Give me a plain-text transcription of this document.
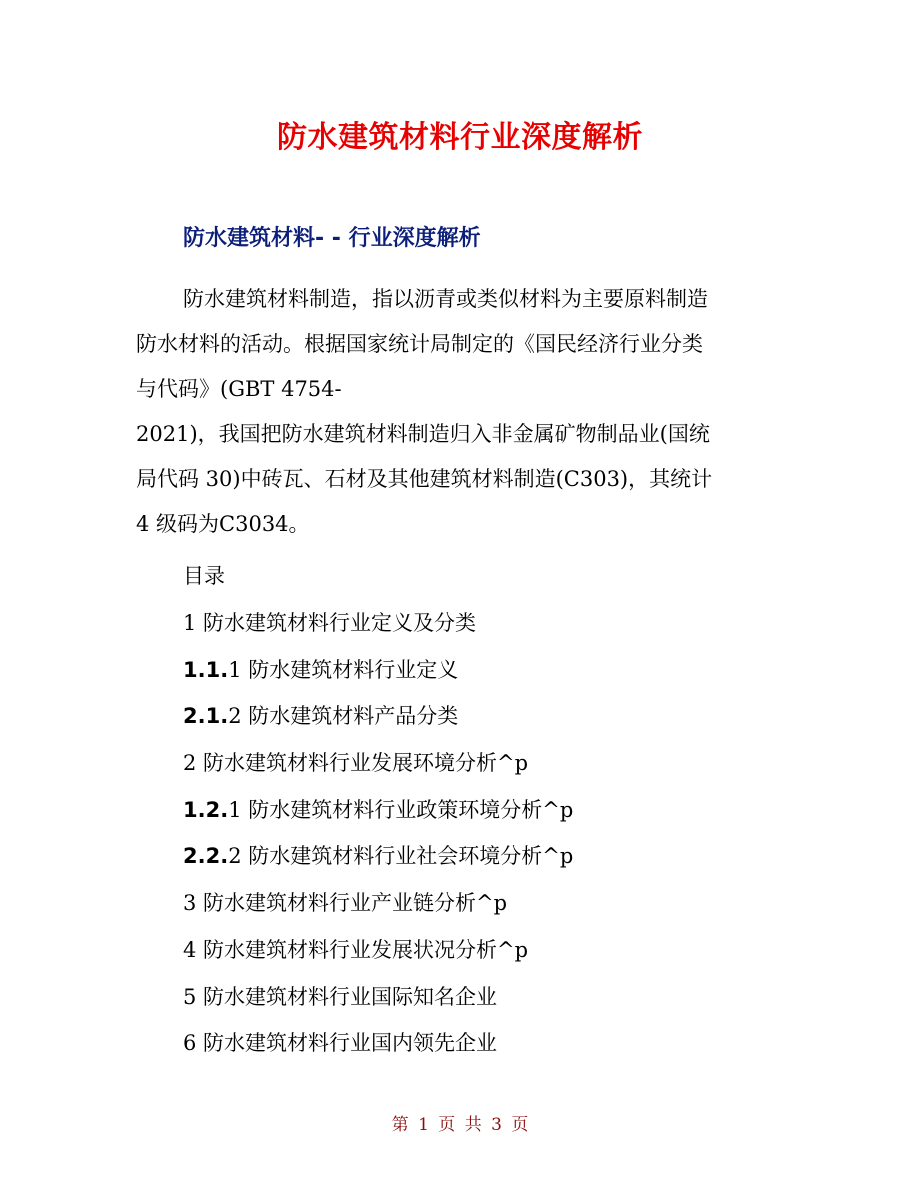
防水建筑材料行业深度解析
防水建筑材料- - 行业深度解析
防水建筑材料制造，指以沥青或类似材料为主要原料制造
防水材料的活动。根据国家统计局制定的《国民经济行业分类
与代码》(GBT 4754-
2021)，我国把防水建筑材料制造归入非金属矿物制品业(国统
局代码 30)中砖瓦、石材及其他建筑材料制造(C303)，其统计
4 级码为C3034。
目录
1 防水建筑材料行业定义及分类
1.1.1 防水建筑材料行业定义
2.1.2 防水建筑材料产品分类
2 防水建筑材料行业发展环境分析^p
1.2.1 防水建筑材料行业政策环境分析^p
2.2.2 防水建筑材料行业社会环境分析^p
3 防水建筑材料行业产业链分析^p
4 防水建筑材料行业发展状况分析^p
5 防水建筑材料行业国际知名企业
6 防水建筑材料行业国内领先企业
第 1 页 共 3 页
